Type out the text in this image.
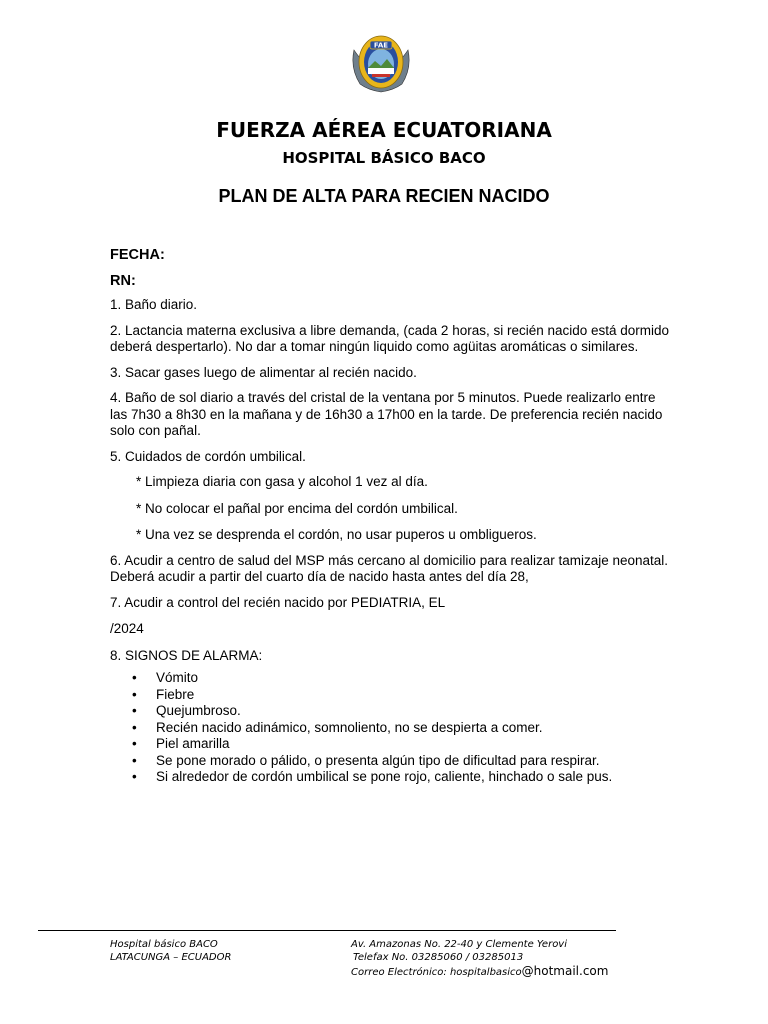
FAE
FUERZA AÉREA ECUATORIANA
HOSPITAL BÁSICO BACO
PLAN DE ALTA PARA RECIEN NACIDO
FECHA:
RN:
1. Baño diario.
2. Lactancia materna exclusiva a libre demanda, (cada 2 horas, si recién nacido está dormido deberá despertarlo). No dar a tomar ningún liquido como agüitas aromáticas o similares.
3. Sacar gases luego de alimentar al recién nacido.
4. Baño de sol diario a través del cristal de la ventana por 5 minutos. Puede realizarlo entre las 7h30 a 8h30 en la mañana y de 16h30 a 17h00 en la tarde. De preferencia recién nacido solo con pañal.
5. Cuidados de cordón umbilical.
* Limpieza diaria con gasa y alcohol 1 vez al día.
* No colocar el pañal por encima del cordón umbilical.
* Una vez se desprenda el cordón, no usar puperos u ombligueros.
6. Acudir a centro de salud del MSP más cercano al domicilio para realizar tamizaje neonatal. Deberá acudir a partir del cuarto día de nacido hasta antes del día 28,
7. Acudir a control del recién nacido por PEDIATRIA, EL
/2024
8. SIGNOS DE ALARMA:
• Vómito
• Fiebre
• Quejumbroso.
• Recién nacido adinámico, somnoliento, no se despierta a comer.
• Piel amarilla
• Se pone morado o pálido, o presenta algún tipo de dificultad para respirar.
• Si alrededor de cordón umbilical se pone rojo, caliente, hinchado o sale pus.
Hospital básico BACO
LATACUNGA – ECUADOR
Av. Amazonas No. 22-40 y Clemente Yerovi
Telefax No. 03285060 / 03285013
Correo Electrónico: hospitalbasico@hotmail.com
